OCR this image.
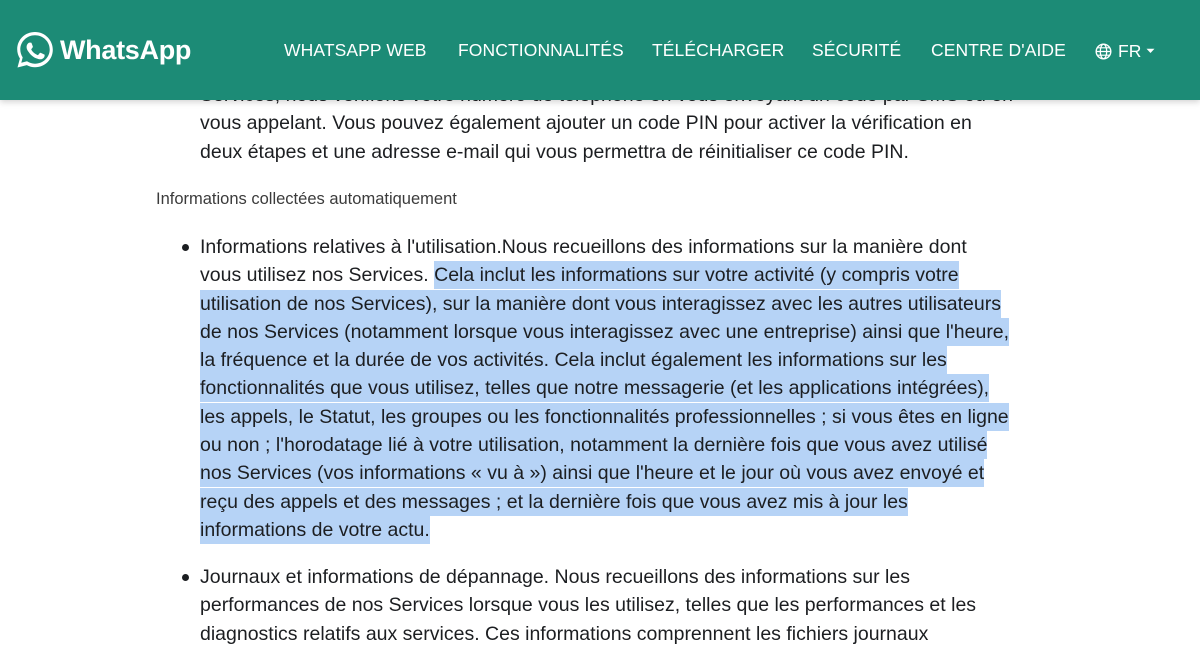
vous appelant. Vous pouvez également ajouter un code PIN pour activer la vérification en
deux étapes et une adresse e-mail qui vous permettra de réinitialiser ce code PIN.

Informations collectées automatiquement

Informations relatives à l'utilisation.Nous recueillons des informations sur la manière dont
vous utilisez nos Services. Cela inclut les informations sur votre activité (y compris votre
utilisation de nos Services), sur la manière dont vous interagissez avec les autres utilisateurs
de nos Services (notamment lorsque vous interagissez avec une entreprise) ainsi que l'heure,
la fréquence et la durée de vos activités. Cela inclut également les informations sur les
fonctionnalités que vous utilisez, telles que notre messagerie (et les applications intégrées),
les appels, le Statut, les groupes ou les fonctionnalités professionnelles ; si vous êtes en ligne
ou non ; l'horodatage lié à votre utilisation, notamment la dernière fois que vous avez utilisé
nos Services (vos informations « vu à ») ainsi que l'heure et le jour où vous avez envoyé et
reçu des appels et des messages ; et la dernière fois que vous avez mis à jour les
informations de votre actu.
Journaux et informations de dépannage. Nous recueillons des informations sur les
performances de nos Services lorsque vous les utilisez, telles que les performances et les
diagnostics relatifs aux services. Ces informations comprennent les fichiers journaux
WhatsApp	WHATSAPP WEB FONCTIONNALITÉS TÉLÉCHARGER SÉCURITÉ CENTRE D'AIDE	FR
